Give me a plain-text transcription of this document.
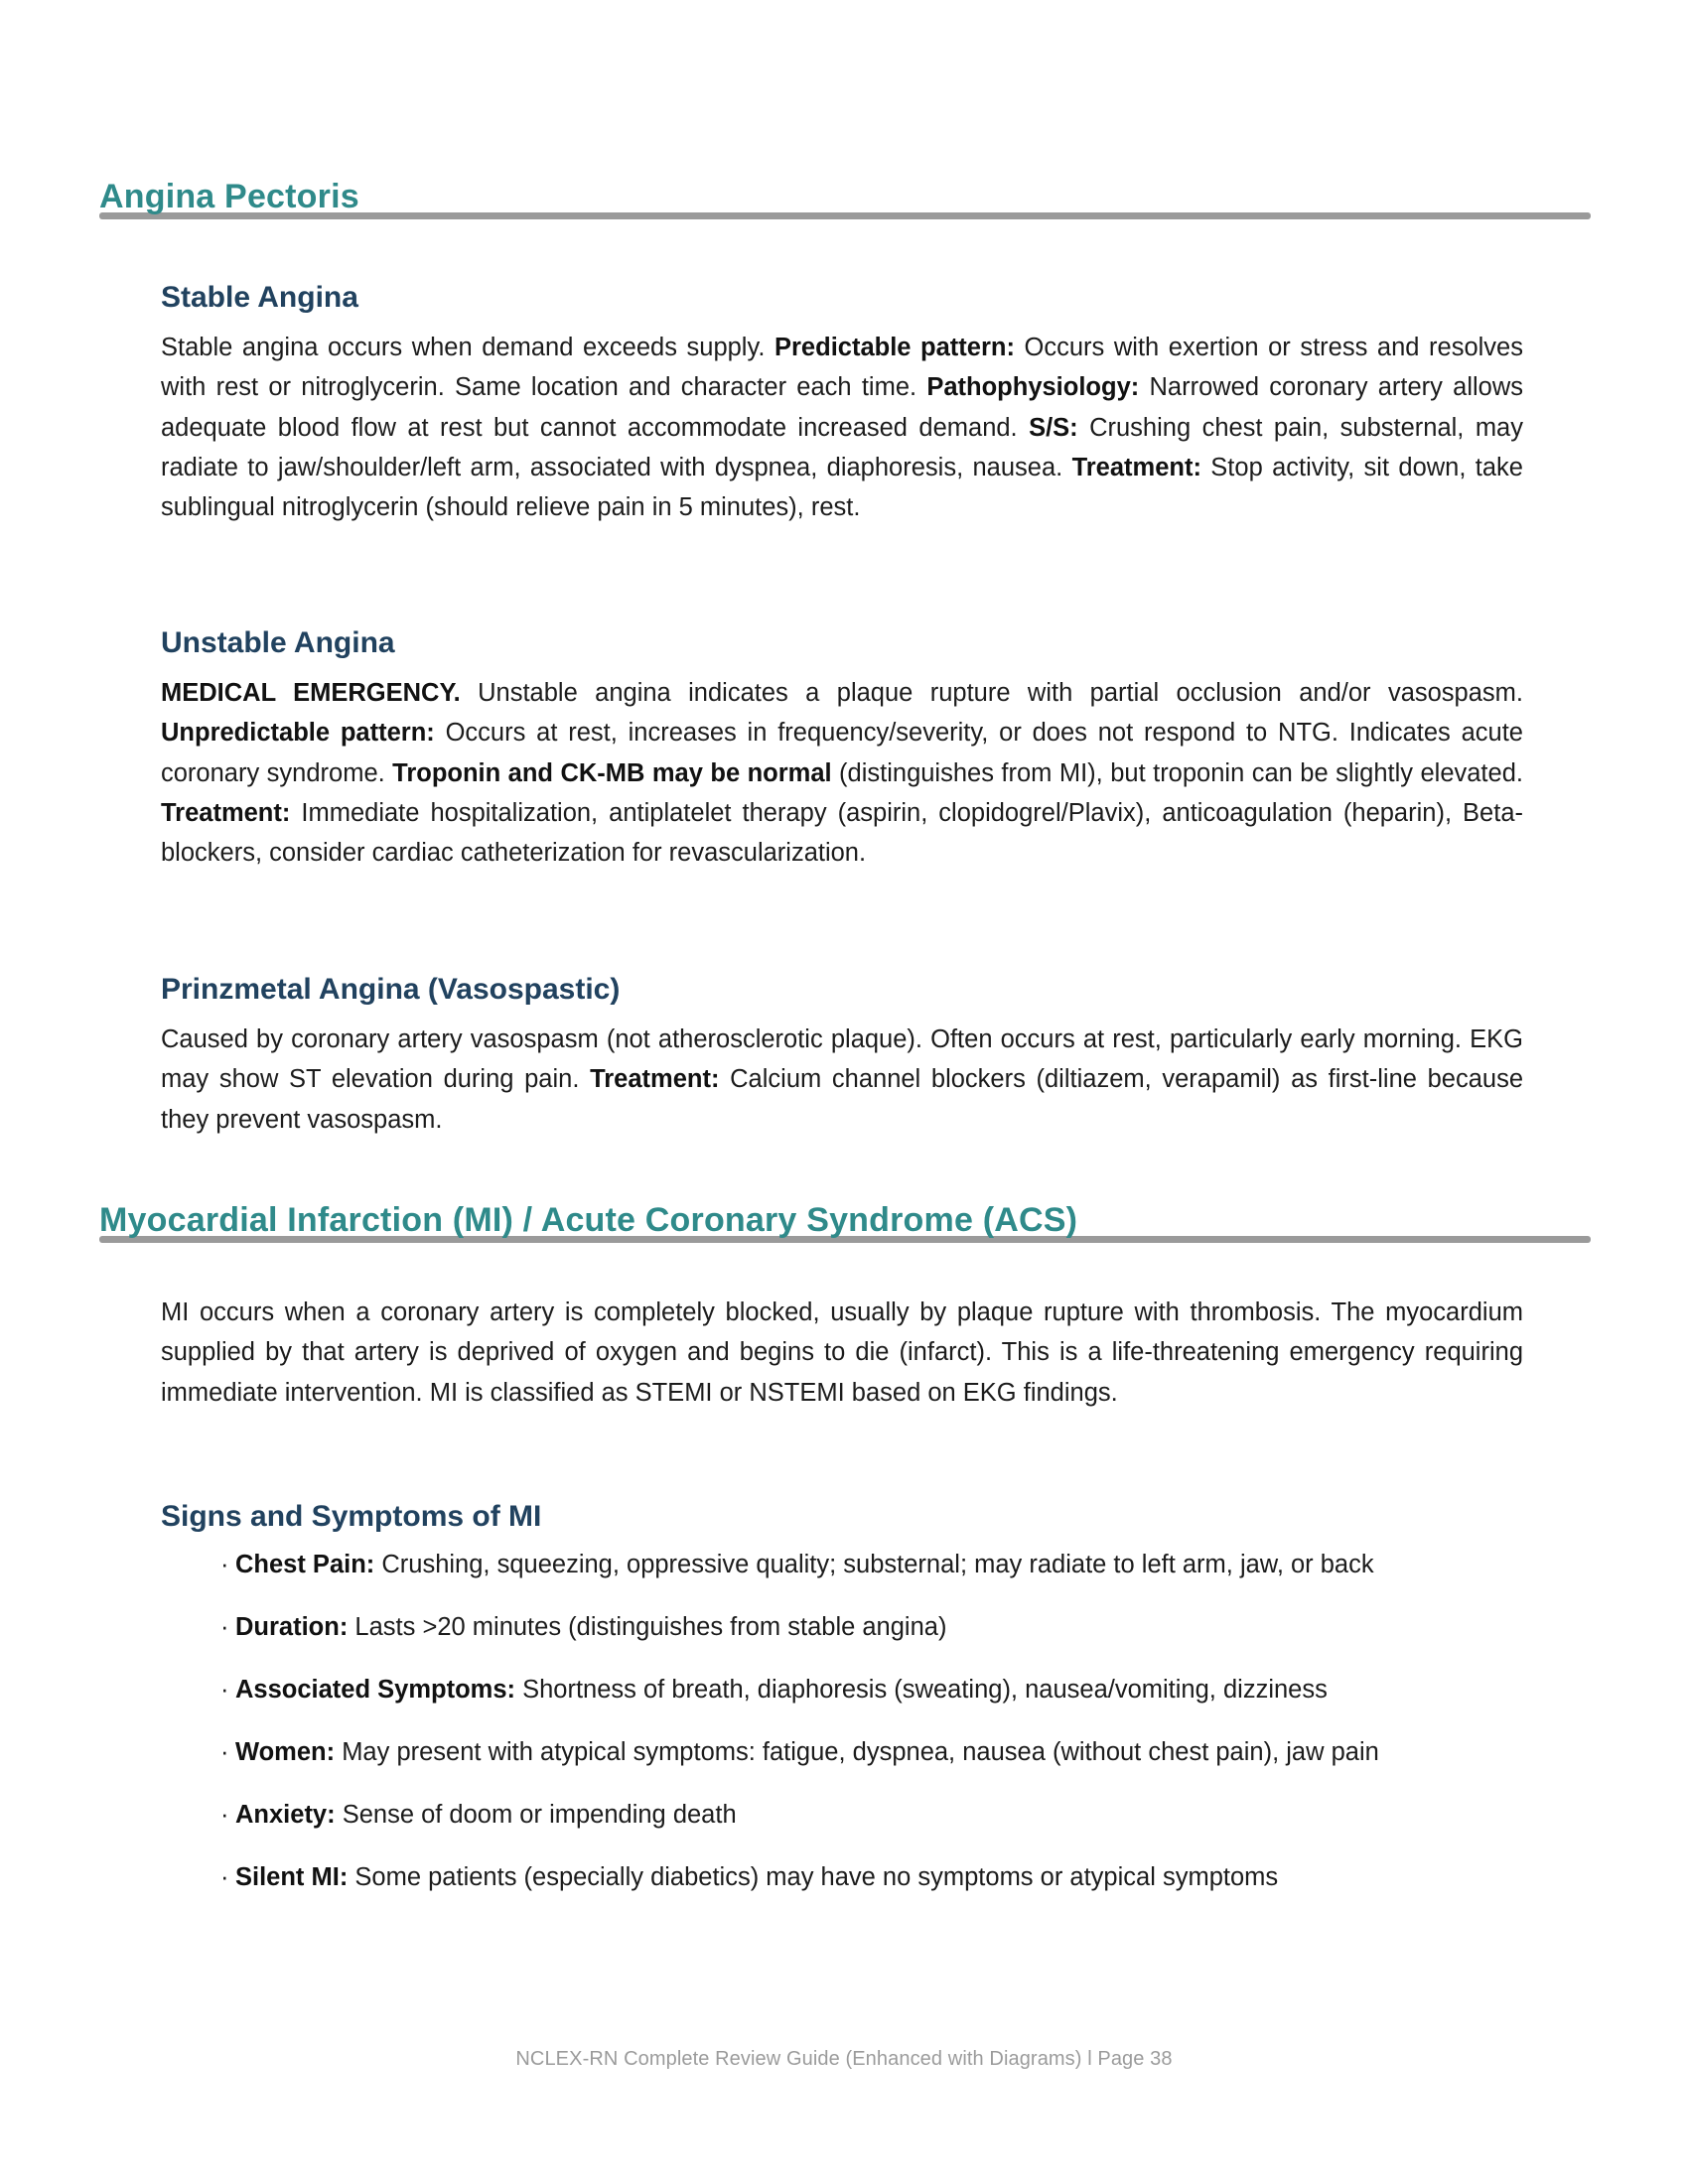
Angina Pectoris
Stable Angina

Stable angina occurs when demand exceeds supply. Predictable pattern: Occurs with exertion or stress and resolves with rest or nitroglycerin. Same location and character each time. Pathophysiology: Narrowed coronary artery allows adequate blood flow at rest but cannot accommodate increased demand. S/S: Crushing chest pain, substernal, may radiate to jaw/shoulder/left arm, associated with dyspnea, diaphoresis, nausea. Treatment: Stop activity, sit down, take sublingual nitroglycerin (should relieve pain in 5 minutes), rest.

Unstable Angina

MEDICAL EMERGENCY. Unstable angina indicates a plaque rupture with partial occlusion and/or vasospasm. Unpredictable pattern: Occurs at rest, increases in frequency/severity, or does not respond to NTG. Indicates acute coronary syndrome. Troponin and CK-MB may be normal (distinguishes from MI), but troponin can be slightly elevated. Treatment: Immediate hospitalization, antiplatelet therapy (aspirin, clopidogrel/Plavix), anticoagulation (heparin), Beta-blockers, consider cardiac catheterization for revascularization.

Prinzmetal Angina (Vasospastic)

Caused by coronary artery vasospasm (not atherosclerotic plaque). Often occurs at rest, particularly early morning. EKG may show ST elevation during pain. Treatment: Calcium channel blockers (diltiazem, verapamil) as first-line because they prevent vasospasm.

Myocardial Infarction (MI) / Acute Coronary Syndrome (ACS)

MI occurs when a coronary artery is completely blocked, usually by plaque rupture with thrombosis. The myocardium supplied by that artery is deprived of oxygen and begins to die (infarct). This is a life-threatening emergency requiring immediate intervention. MI is classified as STEMI or NSTEMI based on EKG findings.

Signs and Symptoms of MI
· Chest Pain: Crushing, squeezing, oppressive quality; substernal; may radiate to left arm, jaw, or back
· Duration: Lasts >20 minutes (distinguishes from stable angina)
· Associated Symptoms: Shortness of breath, diaphoresis (sweating), nausea/vomiting, dizziness
· Women: May present with atypical symptoms: fatigue, dyspnea, nausea (without chest pain), jaw pain
· Anxiety: Sense of doom or impending death
· Silent MI: Some patients (especially diabetics) may have no symptoms or atypical symptoms
NCLEX-RN Complete Review Guide (Enhanced with Diagrams) l Page 38
